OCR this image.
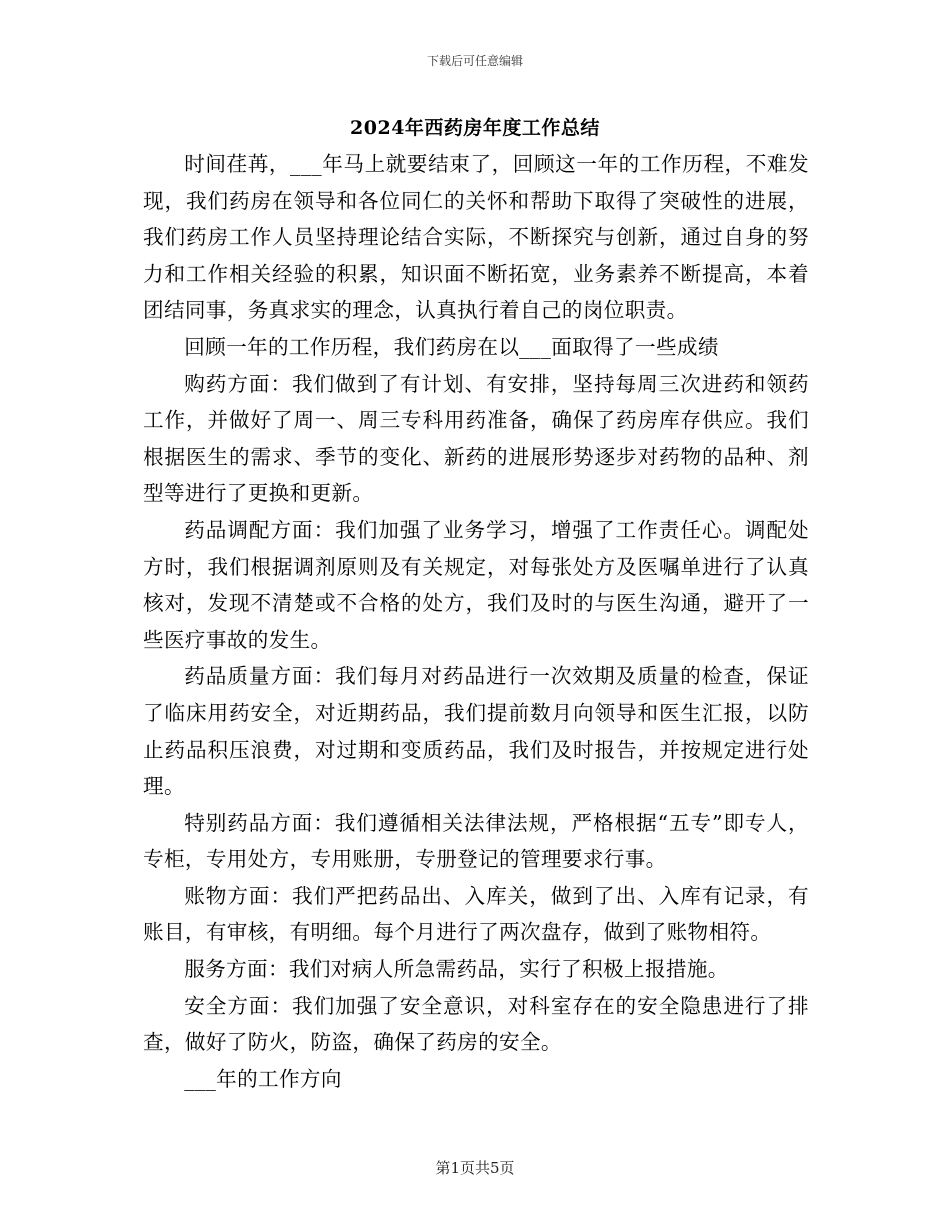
下载后可任意编辑
2024年西药房年度工作总结

时间荏苒，___年马上就要结束了，回顾这一年的工作历程，不难发现，我们药房在领导和各位同仁的关怀和帮助下取得了突破性的进展，我们药房工作人员坚持理论结合实际，不断探究与创新，通过自身的努力和工作相关经验的积累，知识面不断拓宽，业务素养不断提高，本着团结同事，务真求实的理念，认真执行着自己的岗位职责。

回顾一年的工作历程，我们药房在以___面取得了一些成绩

购药方面：我们做到了有计划、有安排，坚持每周三次进药和领药工作，并做好了周一、周三专科用药准备，确保了药房库存供应。我们根据医生的需求、季节的变化、新药的进展形势逐步对药物的品种、剂型等进行了更换和更新。

药品调配方面：我们加强了业务学习，增强了工作责任心。调配处方时，我们根据调剂原则及有关规定，对每张处方及医嘱单进行了认真核对，发现不清楚或不合格的处方，我们及时的与医生沟通，避开了一些医疗事故的发生。

药品质量方面：我们每月对药品进行一次效期及质量的检查，保证了临床用药安全，对近期药品，我们提前数月向领导和医生汇报，以防止药品积压浪费，对过期和变质药品，我们及时报告，并按规定进行处理。

特别药品方面：我们遵循相关法律法规，严格根据“五专”即专人，专柜，专用处方，专用账册，专册登记的管理要求行事。

账物方面：我们严把药品出、入库关，做到了出、入库有记录，有账目，有审核，有明细。每个月进行了两次盘存，做到了账物相符。

服务方面：我们对病人所急需药品，实行了积极上报措施。

安全方面：我们加强了安全意识，对科室存在的安全隐患进行了排查，做好了防火，防盗，确保了药房的安全。

___年的工作方向

第1页共5页
